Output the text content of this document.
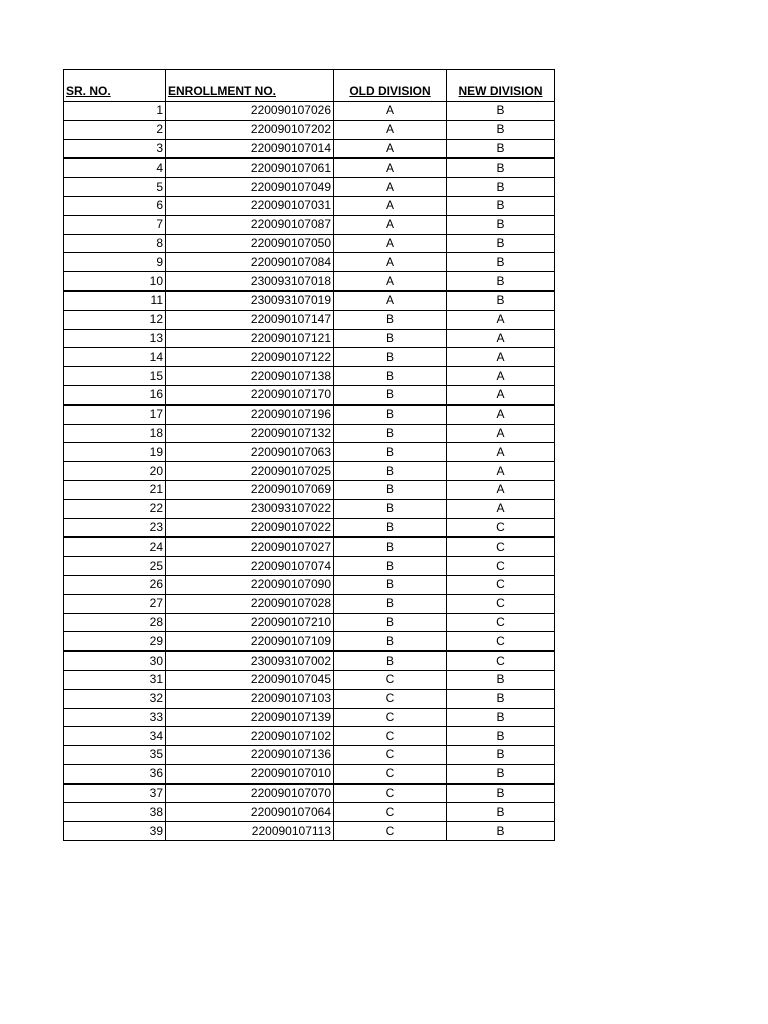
SR. NO.	ENROLLMENT NO.	OLD DIVISION	NEW DIVISION
1	220090107026	A	B
2	220090107202	A	B
3	220090107014	A	B
4	220090107061	A	B
5	220090107049	A	B
6	220090107031	A	B
7	220090107087	A	B
8	220090107050	A	B
9	220090107084	A	B
10	230093107018	A	B
11	230093107019	A	B
12	220090107147	B	A
13	220090107121	B	A
14	220090107122	B	A
15	220090107138	B	A
16	220090107170	B	A
17	220090107196	B	A
18	220090107132	B	A
19	220090107063	B	A
20	220090107025	B	A
21	220090107069	B	A
22	230093107022	B	A
23	220090107022	B	C
24	220090107027	B	C
25	220090107074	B	C
26	220090107090	B	C
27	220090107028	B	C
28	220090107210	B	C
29	220090107109	B	C
30	230093107002	B	C
31	220090107045	C	B
32	220090107103	C	B
33	220090107139	C	B
34	220090107102	C	B
35	220090107136	C	B
36	220090107010	C	B
37	220090107070	C	B
38	220090107064	C	B
39	220090107113	C	B
